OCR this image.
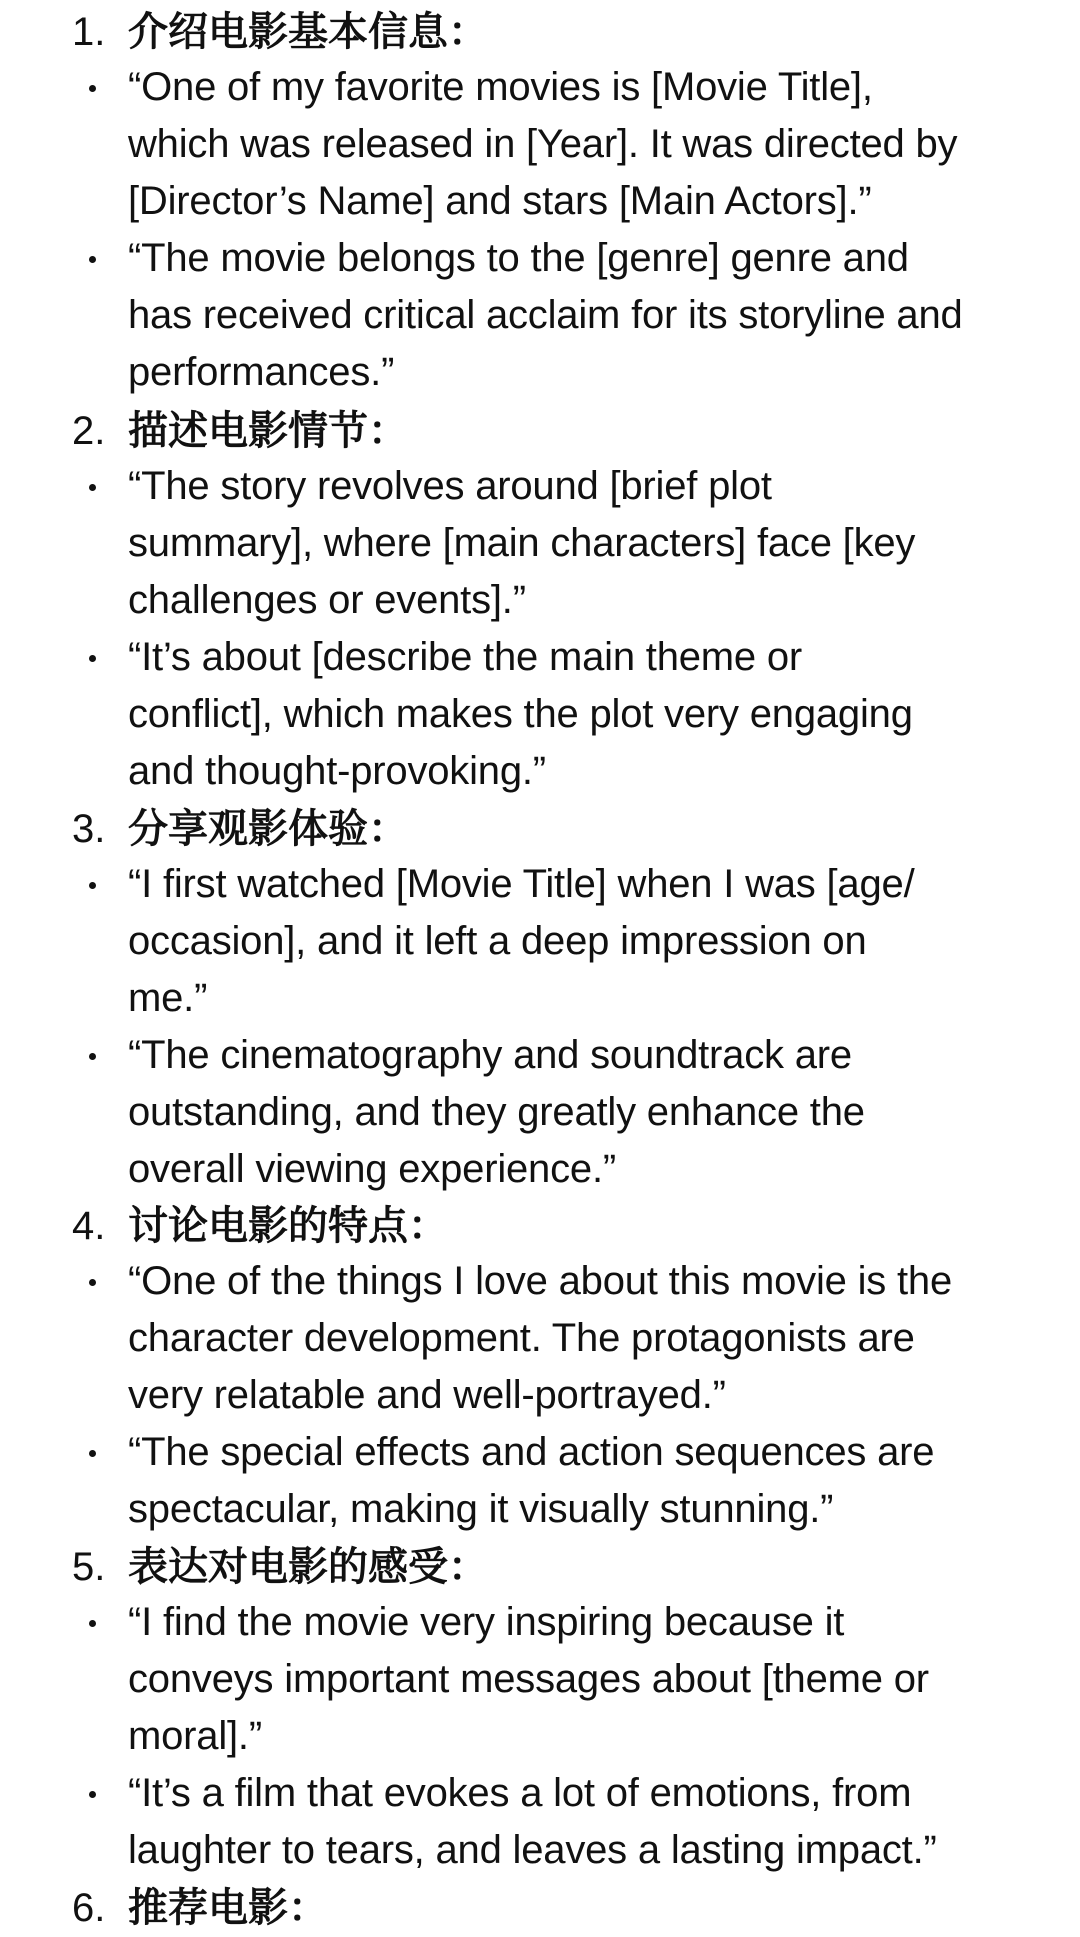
1. 介绍电影基本信息：
“One of my favorite movies is [Movie Title],
which was released in [Year]. It was directed by
[Director’s Name] and stars [Main Actors].”
“The movie belongs to the [genre] genre and
has received critical acclaim for its storyline and
performances.”
2. 描述电影情节：
“The story revolves around [brief plot
summary], where [main characters] face [key
challenges or events].”
“It’s about [describe the main theme or
conflict], which makes the plot very engaging
and thought-provoking.”
3. 分享观影体验：
“I first watched [Movie Title] when I was [age/
occasion], and it left a deep impression on
me.”
“The cinematography and soundtrack are
outstanding, and they greatly enhance the
overall viewing experience.”
4. 讨论电影的特点：
“One of the things I love about this movie is the
character development. The protagonists are
very relatable and well-portrayed.”
“The special effects and action sequences are
spectacular, making it visually stunning.”
5. 表达对电影的感受：
“I find the movie very inspiring because it
conveys important messages about [theme or
moral].”
“It’s a film that evokes a lot of emotions, from
laughter to tears, and leaves a lasting impact.”
6. 推荐电影：
